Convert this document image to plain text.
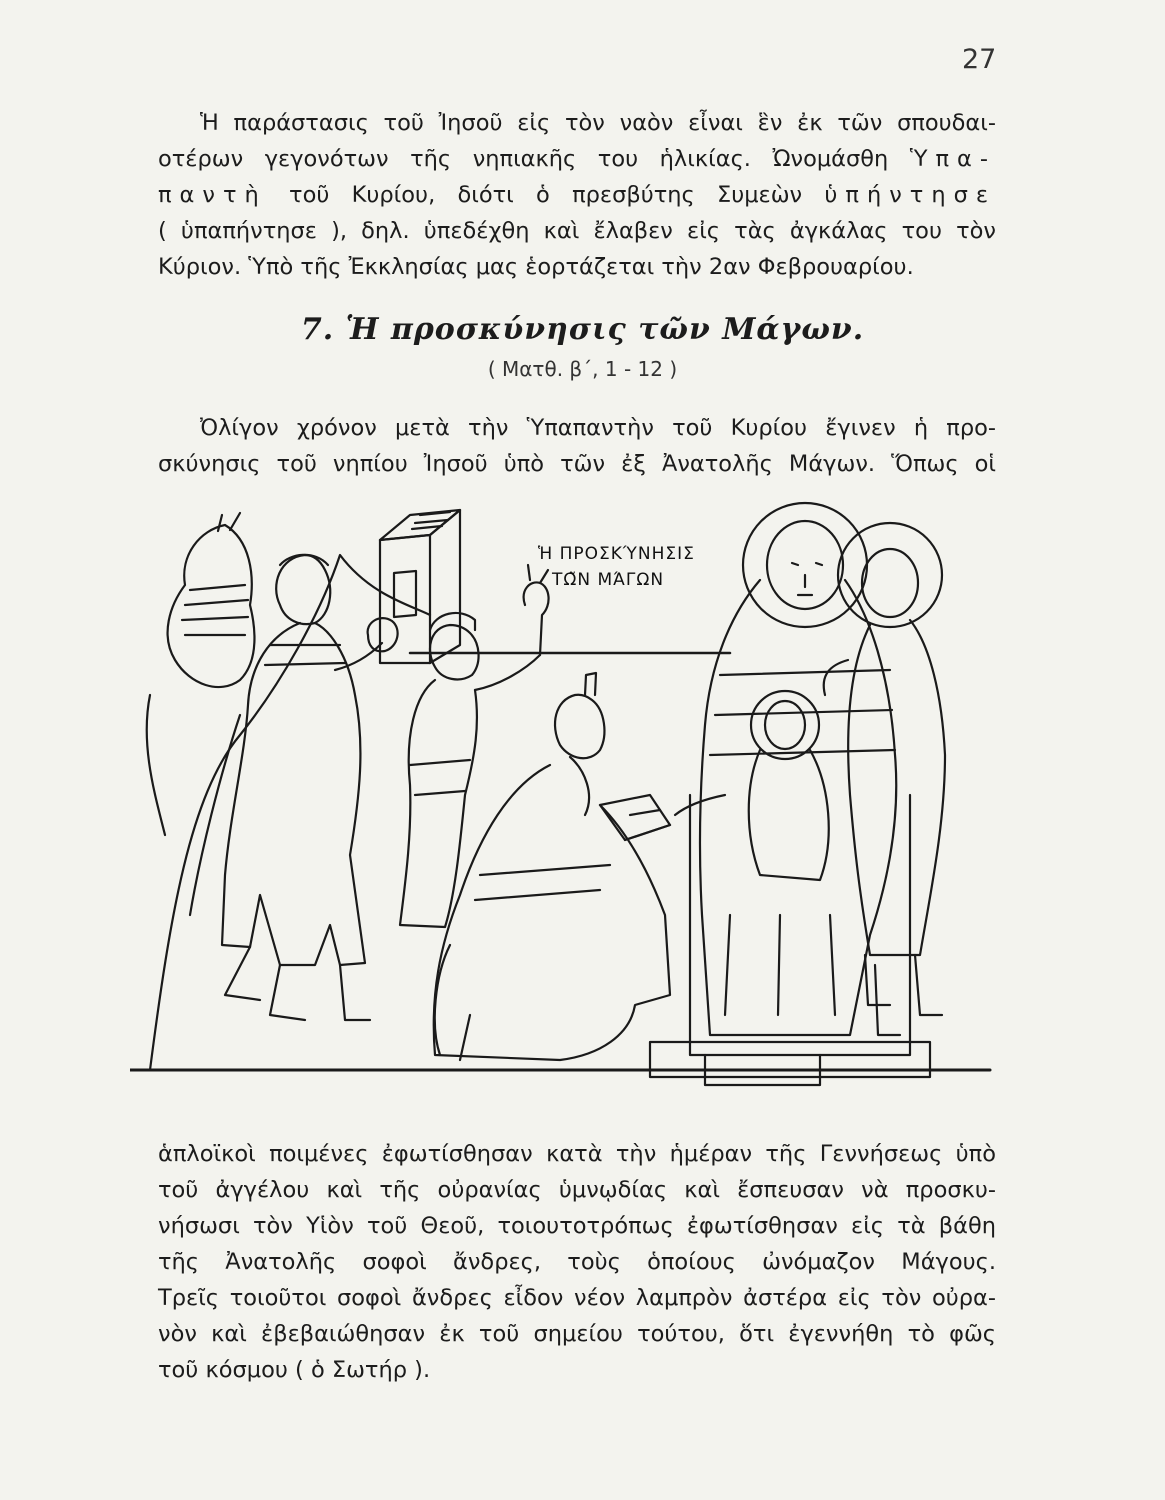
27

Ἡ παράστασις τοῦ Ἰησοῦ εἰς τὸν ναὸν εἶναι ἓν ἐκ τῶν σπουδαι-
οτέρων γεγονότων τῆς νηπιακῆς του ἡλικίας. Ὠνομάσθη Ὑπα-
παντὴ τοῦ Κυρίου, διότι ὁ πρεσβύτης Συμεὼν ὑπήντησε
( ὑπαπήντησε ), δηλ. ὑπεδέχθη καὶ ἔλαβεν εἰς τὰς ἀγκάλας του τὸν
Κύριον. Ὑπὸ τῆς Ἐκκλησίας μας ἑορτάζεται τὴν 2αν Φεβρουαρίου.

7. Ἡ προσκύνησις τῶν Μάγων.
( Ματθ. β΄, 1 - 12 )

Ὀλίγον χρόνον μετὰ τὴν Ὑπαπαντὴν τοῦ Κυρίου ἔγινεν ἡ προ-
σκύνησις τοῦ νηπίου Ἰησοῦ ὑπὸ τῶν ἐξ Ἀνατολῆς Μάγων. Ὅπως οἱ

Ἡ ΠΡΟΣΚΎΝΗΣΙΣ
ΤΩ͂Ν ΜΆΓΩΝ

ἁπλοϊκοὶ ποιμένες ἐφωτίσθησαν κατὰ τὴν ἡμέραν τῆς Γεννήσεως ὑπὸ
τοῦ ἀγγέλου καὶ τῆς οὐρανίας ὑμνῳδίας καὶ ἔσπευσαν νὰ προσκυ-
νήσωσι τὸν Υἱὸν τοῦ Θεοῦ, τοιουτοτρόπως ἐφωτίσθησαν εἰς τὰ βάθη
τῆς Ἀνατολῆς σοφοὶ ἄνδρες, τοὺς ὁποίους ὠνόμαζον Μάγους.
Τρεῖς τοιοῦτοι σοφοὶ ἄνδρες εἶδον νέον λαμπρὸν ἀστέρα εἰς τὸν οὐρα-
νὸν καὶ ἐβεβαιώθησαν ἐκ τοῦ σημείου τούτου, ὅτι ἐγεννήθη τὸ φῶς
τοῦ κόσμου ( ὁ Σωτήρ ).
